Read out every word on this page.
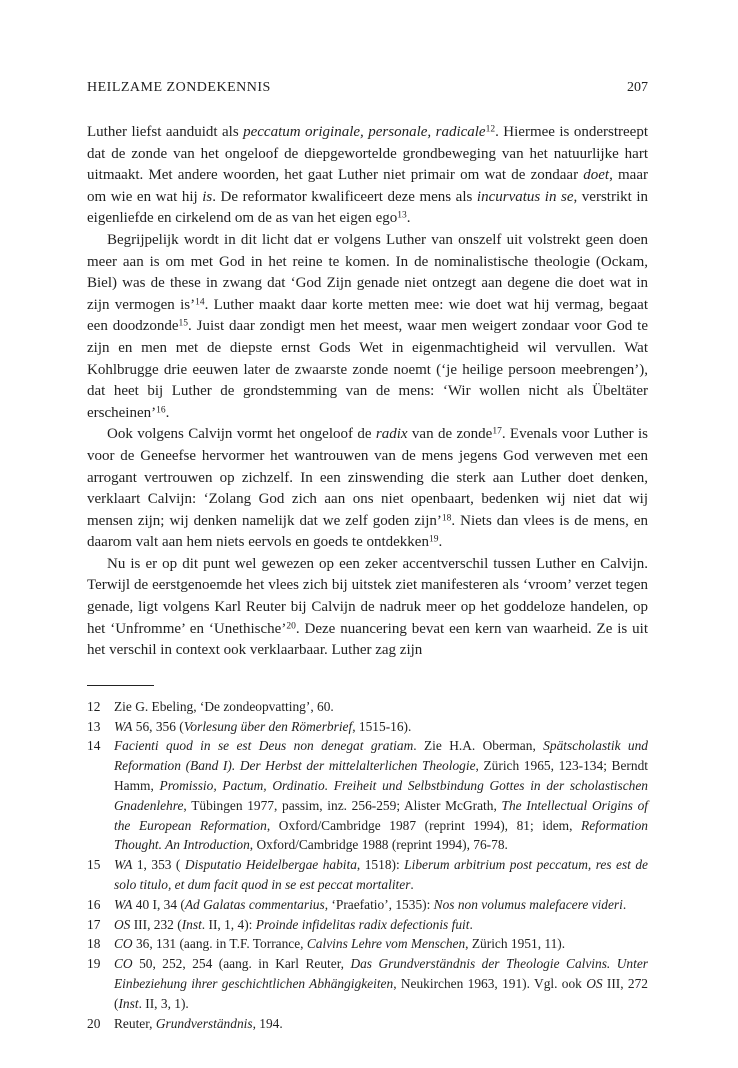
HEILZAME ZONDEKENNIS	207

Luther liefst aanduidt als peccatum originale, personale, radicale$^{12}$. Hiermee is onderstreept dat de zonde van het ongeloof de diepgewortelde grondbeweging van het natuurlijke hart uitmaakt. Met andere woorden, het gaat Luther niet primair om wat de zondaar doet, maar om wie en wat hij is. De reformator kwalificeert deze mens als incurvatus in se, verstrikt in eigenliefde en cirkelend om de as van het eigen ego$^{13}$.

Begrijpelijk wordt in dit licht dat er volgens Luther van onszelf uit volstrekt geen doen meer aan is om met God in het reine te komen. In de nominalistische theologie (Ockam, Biel) was de these in zwang dat ‘God Zijn genade niet ontzegt aan degene die doet wat in zijn vermogen is’$^{14}$. Luther maakt daar korte metten mee: wie doet wat hij vermag, begaat een doodzonde$^{15}$. Juist daar zondigt men het meest, waar men weigert zondaar voor God te zijn en men met de diepste ernst Gods Wet in eigenmachtigheid wil vervullen. Wat Kohlbrugge drie eeuwen later de zwaarste zonde noemt (‘je heilige persoon meebrengen’), dat heet bij Luther de grondstemming van de mens: ‘Wir wollen nicht als Übeltäter erscheinen’$^{16}$.

Ook volgens Calvijn vormt het ongeloof de radix van de zonde$^{17}$. Evenals voor Luther is voor de Geneefse hervormer het wantrouwen van de mens jegens God verweven met een arrogant vertrouwen op zichzelf. In een zinswending die sterk aan Luther doet denken, verklaart Calvijn: ‘Zolang God zich aan ons niet openbaart, bedenken wij niet dat wij mensen zijn; wij denken namelijk dat we zelf goden zijn’$^{18}$. Niets dan vlees is de mens, en daarom valt aan hem niets eervols en goeds te ontdekken$^{19}$.

Nu is er op dit punt wel gewezen op een zeker accentverschil tussen Luther en Calvijn. Terwijl de eerstgenoemde het vlees zich bij uitstek ziet manifesteren als ‘vroom’ verzet tegen genade, ligt volgens Karl Reuter bij Calvijn de nadruk meer op het goddeloze handelen, op het ‘Unfromme’ en ‘Unethische’$^{20}$. Deze nuancering bevat een kern van waarheid. Ze is uit het verschil in context ook verklaarbaar. Luther zag zijn

12	Zie G. Ebeling, ‘De zondeopvatting’, 60.
13	WA 56, 356 (Vorlesung über den Römerbrief, 1515-16).
14	Facienti quod in se est Deus non denegat gratiam. Zie H.A. Oberman, Spätscholastik und Reformation (Band I). Der Herbst der mittelalterlichen Theologie, Zürich 1965, 123-134; Berndt Hamm, Promissio, Pactum, Ordinatio. Freiheit und Selbstbindung Gottes in der scholastischen Gnadenlehre, Tübingen 1977, passim, inz. 256-259; Alister McGrath, The Intellectual Origins of the European Reformation, Oxford/Cambridge 1987 (reprint 1994), 81; idem, Reformation Thought. An Introduction, Oxford/Cambridge 1988 (reprint 1994), 76-78.
15	WA 1, 353 ( Disputatio Heidelbergae habita, 1518): Liberum arbitrium post peccatum, res est de solo titulo, et dum facit quod in se est peccat mortaliter.
16	WA 40 I, 34 (Ad Galatas commentarius, ‘Praefatio’, 1535): Nos non volumus malefacere videri.
17	OS III, 232 (Inst. II, 1, 4): Proinde infidelitas radix defectionis fuit.
18	CO 36, 131 (aang. in T.F. Torrance, Calvins Lehre vom Menschen, Zürich 1951, 11).
19	CO 50, 252, 254 (aang. in Karl Reuter, Das Grundverständnis der Theologie Calvins. Unter Einbeziehung ihrer geschichtlichen Abhängigkeiten, Neukirchen 1963, 191). Vgl. ook OS III, 272 (Inst. II, 3, 1).
20	Reuter, Grundverständnis, 194.
